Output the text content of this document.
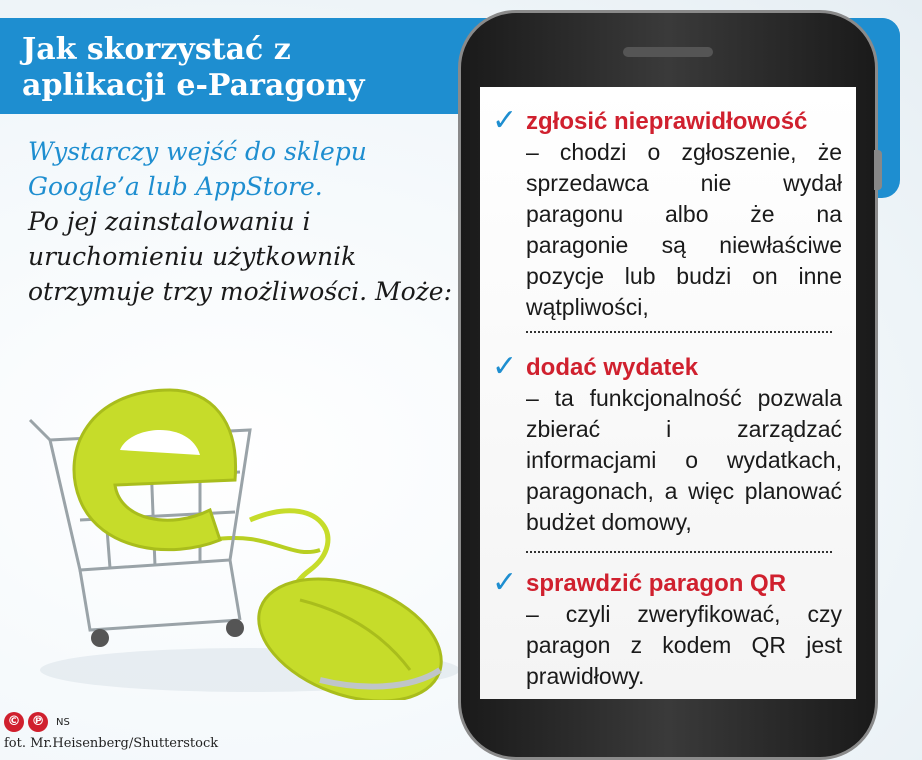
Jak skorzystać z aplikacji e-Paragony
Wystarczy wejść do sklepu Google’a lub AppStore.
Po jej zainstalowaniu i uruchomieniu użytkownik otrzymuje trzy możliwości. Może:
© ℗	NS
fot. Mr.Heisenberg/Shutterstock
✓ zgłosić nieprawidłowość

– chodzi o zgłoszenie, że sprzedawca nie wydał paragonu albo że na paragonie są niewłaściwe pozycje lub budzi on inne wątpliwości,

✓ dodać wydatek

– ta funkcjonalność pozwala zbierać i zarządzać informacjami o wydatkach, paragonach, a więc planować budżet domowy,

✓ sprawdzić paragon QR

– czyli zweryfikować, czy paragon z kodem QR jest prawidłowy.
